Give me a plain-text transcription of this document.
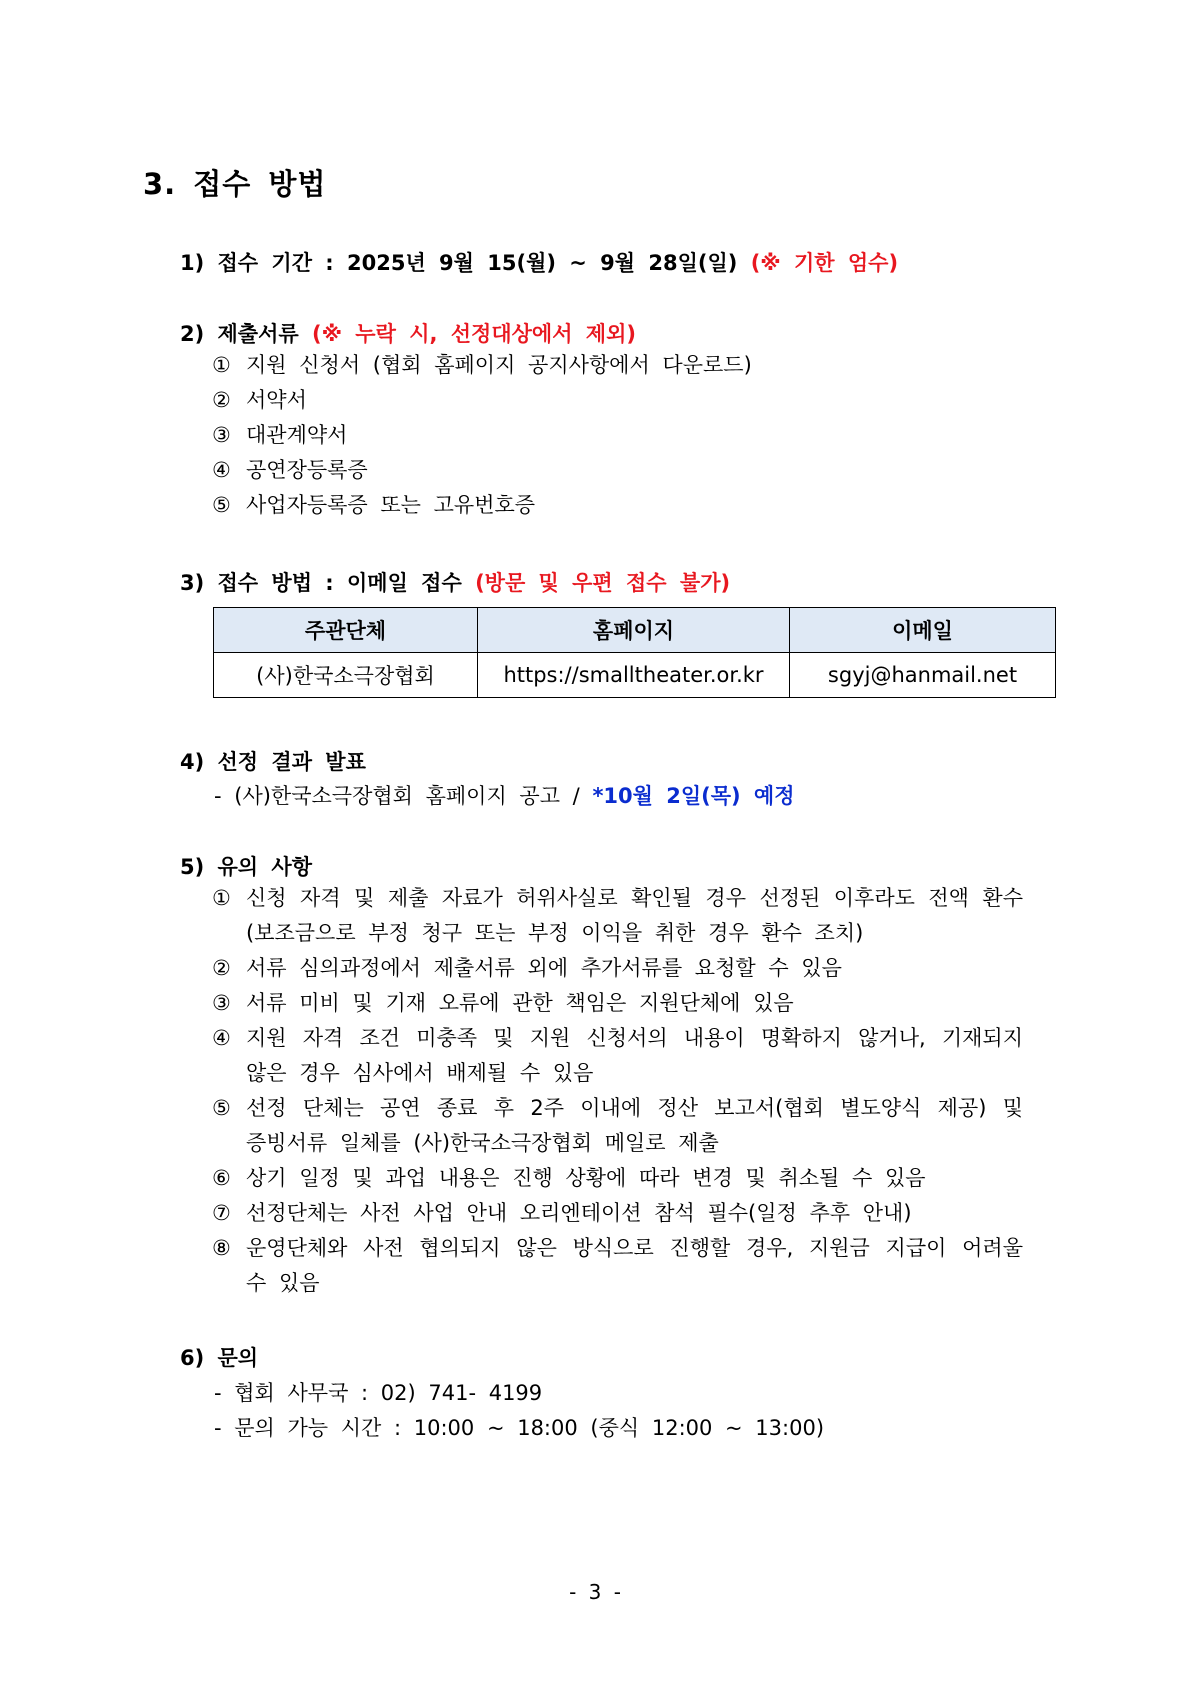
3. 접수 방법
1) 접수 기간 : 2025년 9월 15(월) ~ 9월 28일(일) (※ 기한 엄수)
2) 제출서류 (※ 누락 시, 선정대상에서 제외)
① 지원 신청서 (협회 홈페이지 공지사항에서 다운로드)
② 서약서
③ 대관계약서
④ 공연장등록증
⑤ 사업자등록증 또는 고유번호증
3) 접수 방법 : 이메일 접수 (방문 및 우편 접수 불가)
주관단체	홈페이지	이메일
(사)한국소극장협회	https://smalltheater.or.kr	sgyj@hanmail.net
4) 선정 결과 발표
- (사)한국소극장협회 홈페이지 공고 / *10월 2일(목) 예정
5) 유의 사항
① 신청 자격 및 제출 자료가 허위사실로 확인될 경우 선정된 이후라도 전액 환수
(보조금으로 부정 청구 또는 부정 이익을 취한 경우 환수 조치)
② 서류 심의과정에서 제출서류 외에 추가서류를 요청할 수 있음
③ 서류 미비 및 기재 오류에 관한 책임은 지원단체에 있음
④ 지원 자격 조건 미충족 및 지원 신청서의 내용이 명확하지 않거나, 기재되지
않은 경우 심사에서 배제될 수 있음
⑤ 선정 단체는 공연 종료 후 2주 이내에 정산 보고서(협회 별도양식 제공) 및
증빙서류 일체를 (사)한국소극장협회 메일로 제출
⑥ 상기 일정 및 과업 내용은 진행 상황에 따라 변경 및 취소될 수 있음
⑦ 선정단체는 사전 사업 안내 오리엔테이션 참석 필수(일정 추후 안내)
⑧ 운영단체와 사전 협의되지 않은 방식으로 진행할 경우, 지원금 지급이 어려울
수 있음
6) 문의
- 협회 사무국 : 02) 741- 4199
- 문의 가능 시간 : 10:00 ~ 18:00 (중식 12:00 ~ 13:00)
- 3 -
